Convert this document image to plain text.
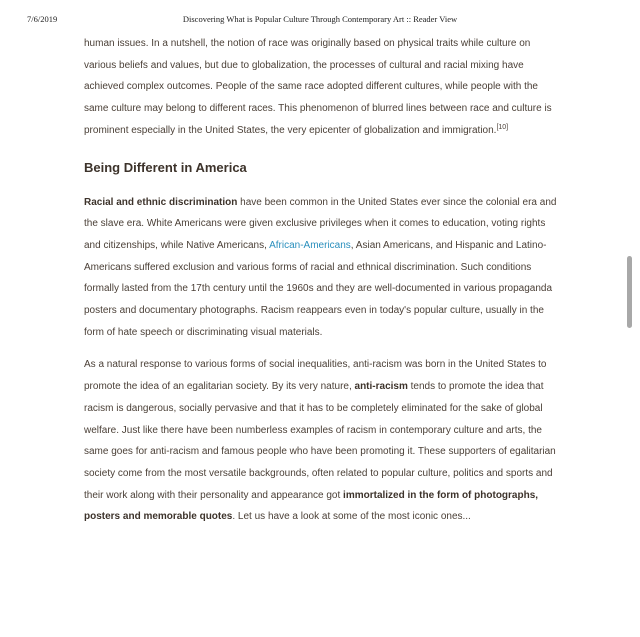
7/6/2019	Discovering What is Popular Culture Through Contemporary Art :: Reader View

human issues. In a nutshell, the notion of race was originally based on physical traits while culture on various beliefs and values, but due to globalization, the processes of cultural and racial mixing have achieved complex outcomes. People of the same race adopted different cultures, while people with the same culture may belong to different races. This phenomenon of blurred lines between race and culture is prominent especially in the United States, the very epicenter of globalization and immigration.[10]

Being Different in America

Racial and ethnic discrimination have been common in the United States ever since the colonial era and the slave era. White Americans were given exclusive privileges when it comes to education, voting rights and citizenships, while Native Americans, African-Americans, Asian Americans, and Hispanic and Latino-Americans suffered exclusion and various forms of racial and ethnical discrimination. Such conditions formally lasted from the 17th century until the 1960s and they are well-documented in various propaganda posters and documentary photographs. Racism reappears even in today's popular culture, usually in the form of hate speech or discriminating visual materials.

As a natural response to various forms of social inequalities, anti-racism was born in the United States to promote the idea of an egalitarian society. By its very nature, anti-racism tends to promote the idea that racism is dangerous, socially pervasive and that it has to be completely eliminated for the sake of global welfare. Just like there have been numberless examples of racism in contemporary culture and arts, the same goes for anti-racism and famous people who have been promoting it. These supporters of egalitarian society come from the most versatile backgrounds, often related to popular culture, politics and sports and their work along with their personality and appearance got immortalized in the form of photographs, posters and memorable quotes. Let us have a look at some of the most iconic ones...
